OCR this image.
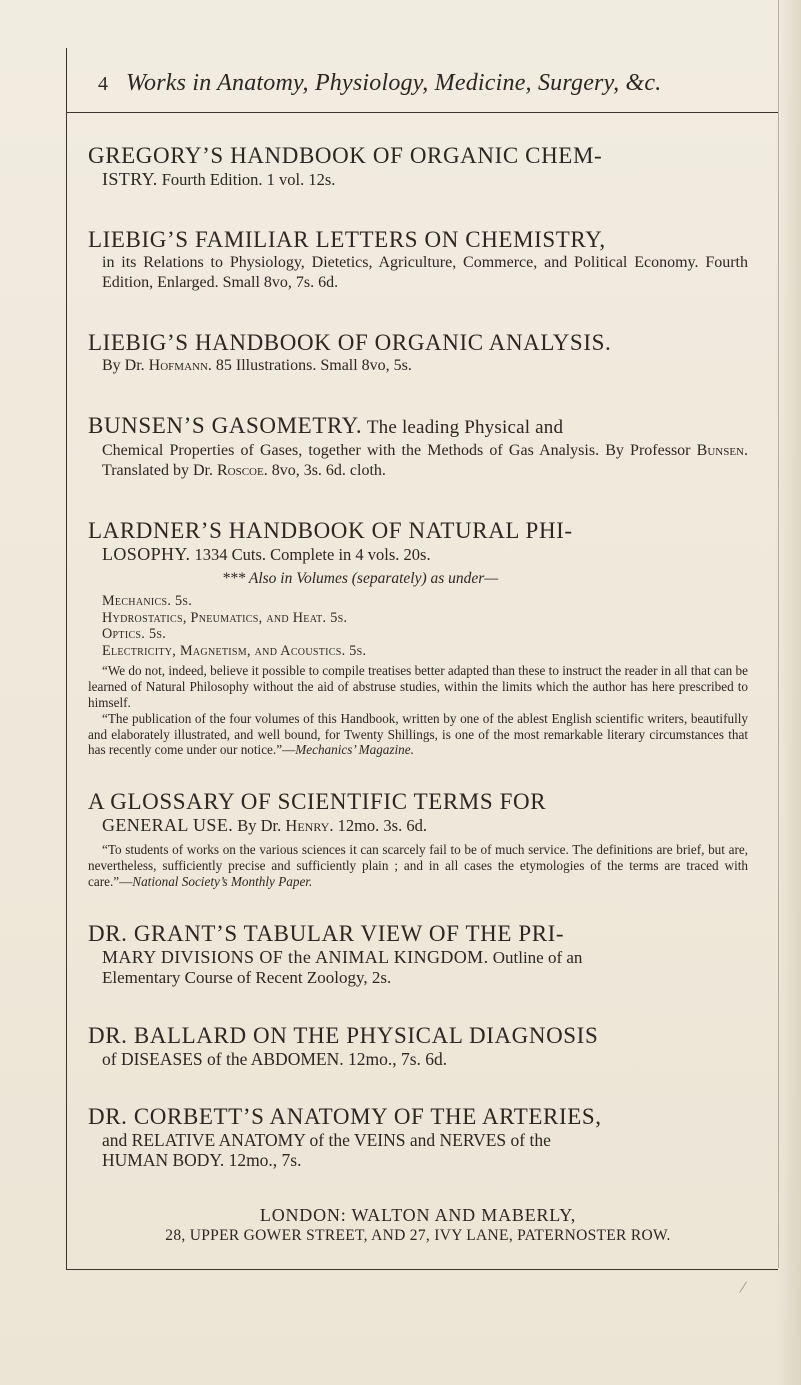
4 Works in Anatomy, Physiology, Medicine, Surgery, &c.
GREGORY’S HANDBOOK OF ORGANIC CHEM-
ISTRY. Fourth Edition. 1 vol. 12s.
LIEBIG’S FAMILIAR LETTERS ON CHEMISTRY,
in its Relations to Physiology, Dietetics, Agriculture, Commerce, and Political Economy. Fourth Edition, Enlarged. Small 8vo, 7s. 6d.
LIEBIG’S HANDBOOK OF ORGANIC ANALYSIS.
By Dr. Hofmann. 85 Illustrations. Small 8vo, 5s.
BUNSEN’S GASOMETRY. The leading Physical and
Chemical Properties of Gases, together with the Methods of Gas Analysis. By Professor Bunsen. Translated by Dr. Roscoe. 8vo, 3s. 6d. cloth.
LARDNER’S HANDBOOK OF NATURAL PHI-
LOSOPHY. 1334 Cuts. Complete in 4 vols. 20s.
*** Also in Volumes (separately) as under—
Mechanics. 5s.
Hydrostatics, Pneumatics, and Heat. 5s.
Optics. 5s.
Electricity, Magnetism, and Acoustics. 5s.
“We do not, indeed, believe it possible to compile treatises better adapted than these to instruct the reader in all that can be learned of Natural Philosophy without the aid of abstruse studies, within the limits which the author has here prescribed to himself.
“The publication of the four volumes of this Handbook, written by one of the ablest English scientific writers, beautifully and elaborately illustrated, and well bound, for Twenty Shillings, is one of the most remarkable literary circumstances that has recently come under our notice.”—Mechanics’ Magazine.
A GLOSSARY OF SCIENTIFIC TERMS FOR
GENERAL USE. By Dr. Henry. 12mo. 3s. 6d.
“To students of works on the various sciences it can scarcely fail to be of much service. The definitions are brief, but are, nevertheless, sufficiently precise and sufficiently plain ; and in all cases the etymologies of the terms are traced with care.”—National Society’s Monthly Paper.
DR. GRANT’S TABULAR VIEW OF THE PRI-
MARY DIVISIONS OF the ANIMAL KINGDOM. Outline of an
Elementary Course of Recent Zoology, 2s.
DR. BALLARD ON THE PHYSICAL DIAGNOSIS
of DISEASES of the ABDOMEN. 12mo., 7s. 6d.
DR. CORBETT’S ANATOMY OF THE ARTERIES,
and RELATIVE ANATOMY of the VEINS and NERVES of the
HUMAN BODY. 12mo., 7s.
LONDON: WALTON AND MABERLY,
28, UPPER GOWER STREET, AND 27, IVY LANE, PATERNOSTER ROW.
/
